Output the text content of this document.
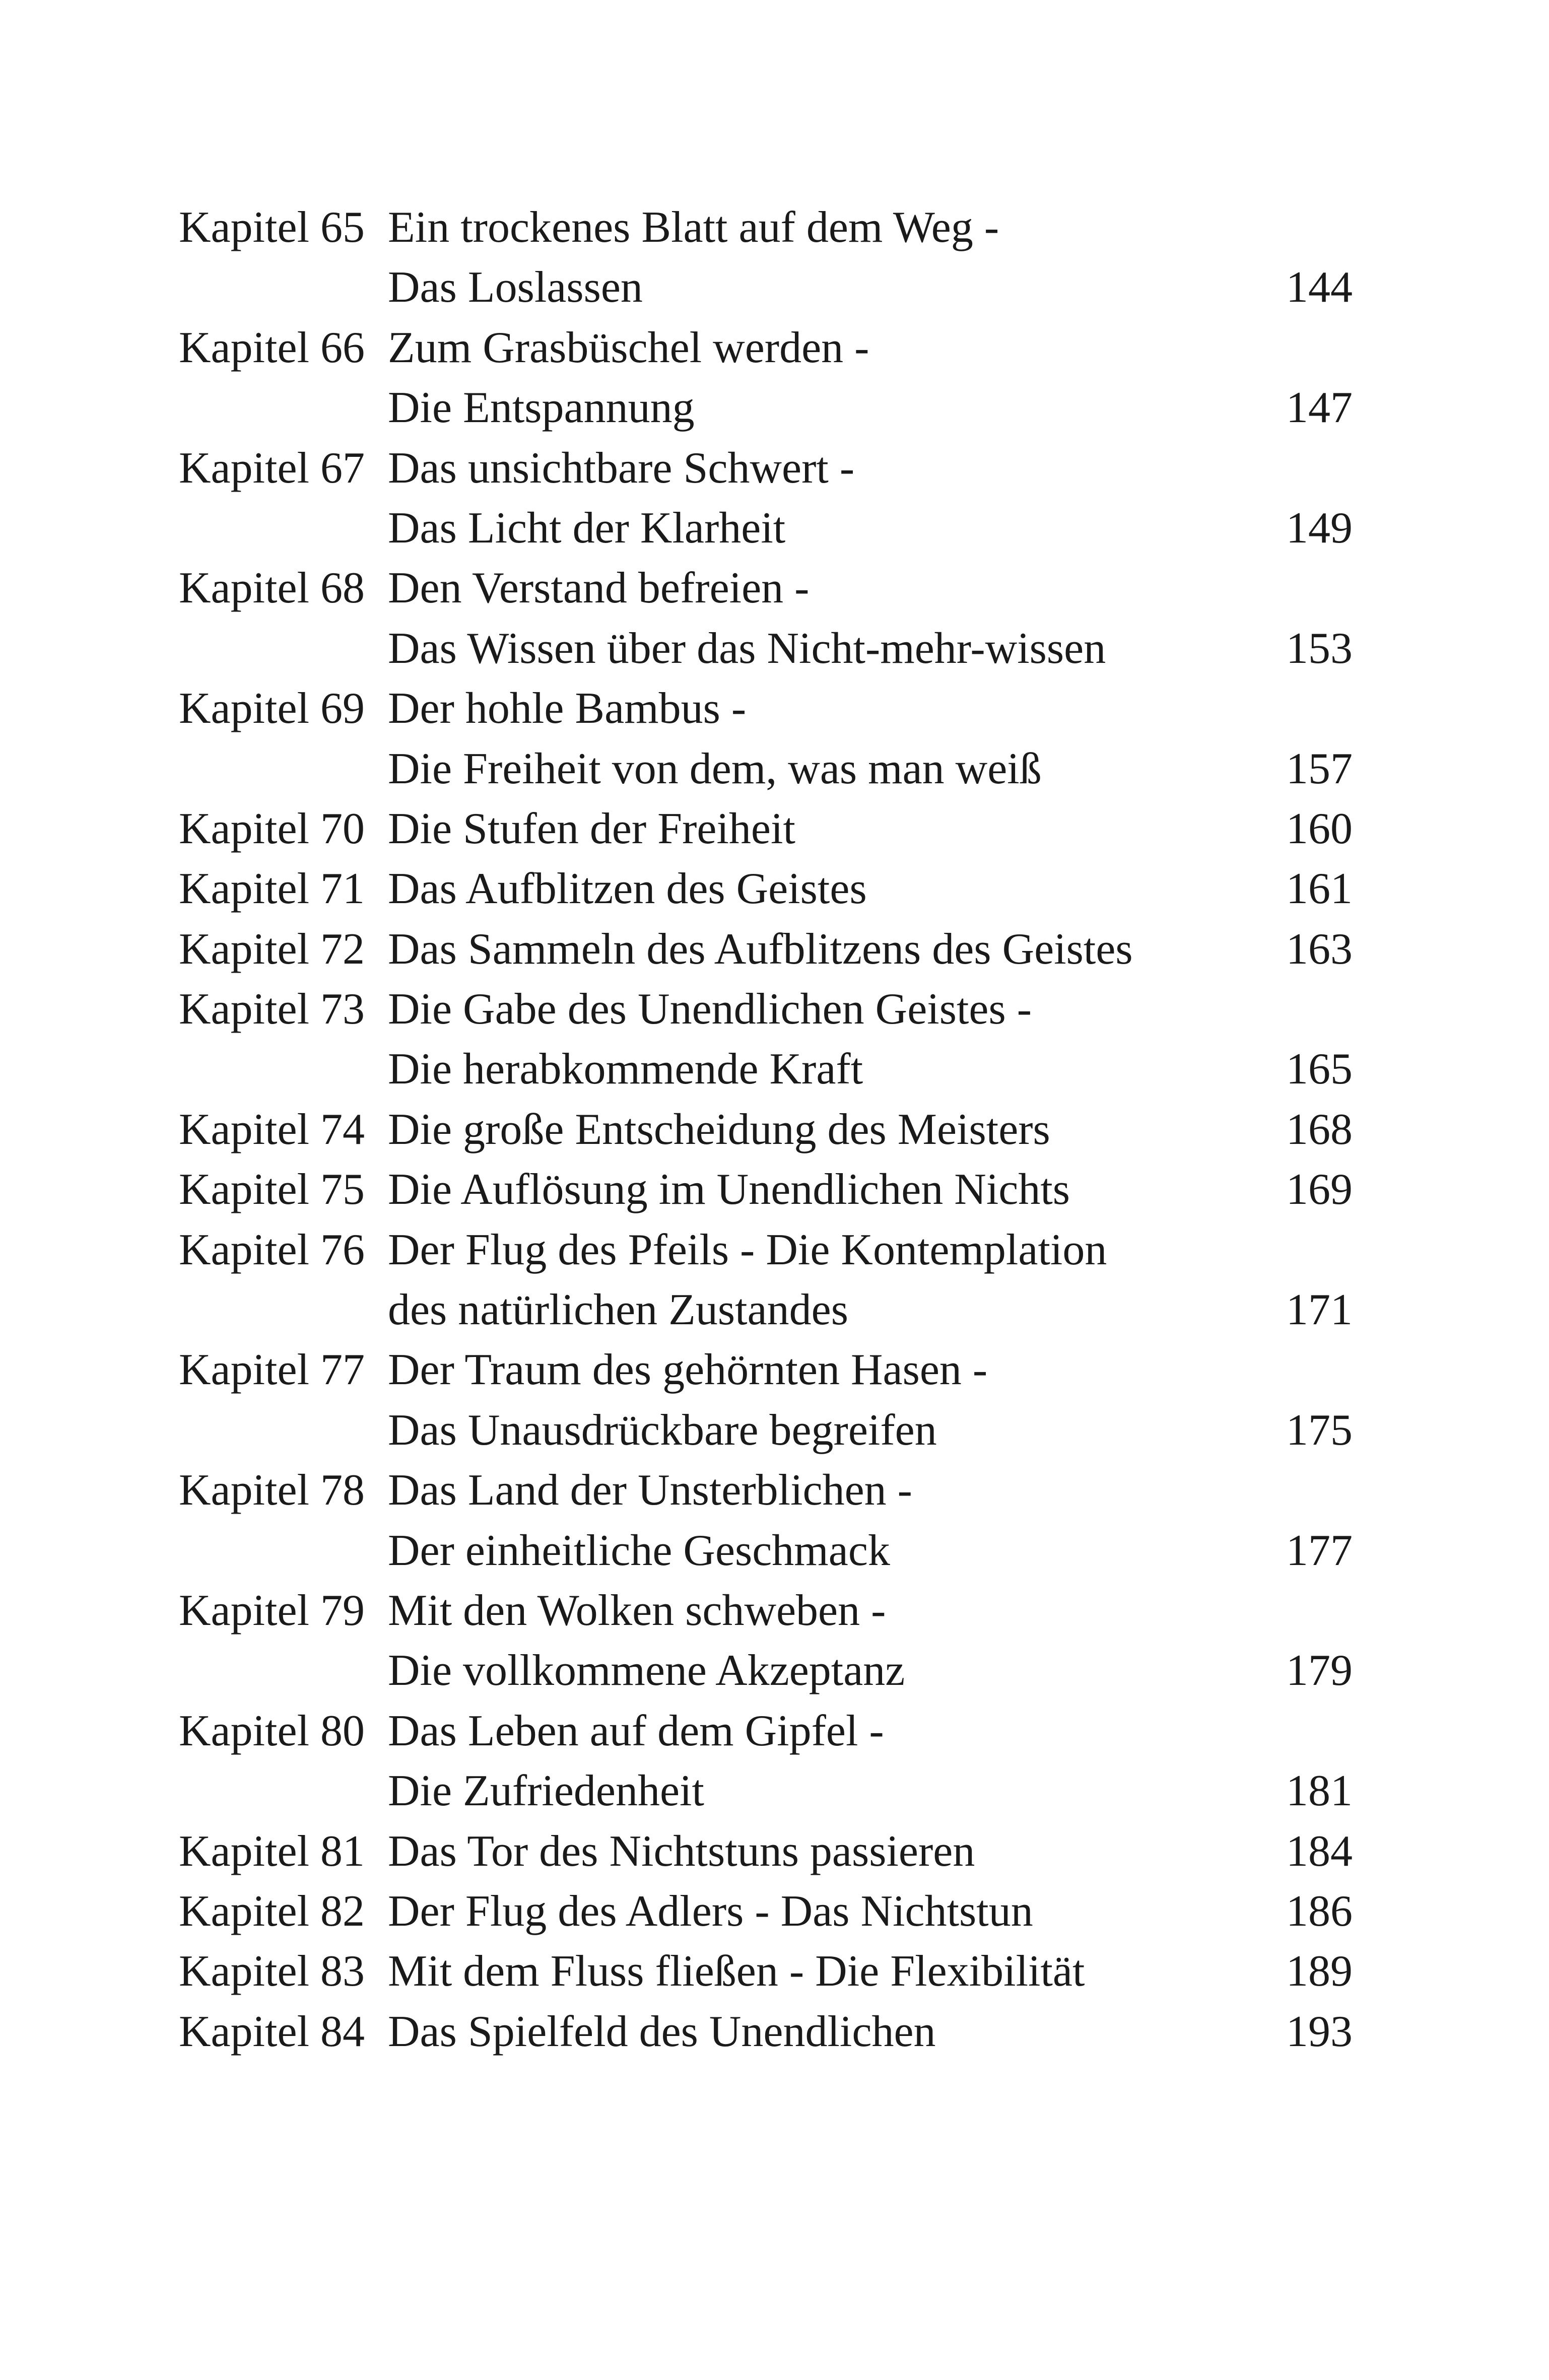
Kapitel 65 Ein trockenes Blatt auf dem Weg -
Das Loslassen	144
Kapitel 66 Zum Grasbüschel werden -
Die Entspannung	147
Kapitel 67 Das unsichtbare Schwert -
Das Licht der Klarheit	149
Kapitel 68 Den Verstand befreien -
Das Wissen über das Nicht-mehr-wissen	153
Kapitel 69 Der hohle Bambus -
Die Freiheit von dem, was man weiß	157
Kapitel 70 Die Stufen der Freiheit	160
Kapitel 71 Das Aufblitzen des Geistes	161
Kapitel 72 Das Sammeln des Aufblitzens des Geistes	163
Kapitel 73 Die Gabe des Unendlichen Geistes -
Die herabkommende Kraft	165
Kapitel 74 Die große Entscheidung des Meisters	168
Kapitel 75 Die Auflösung im Unendlichen Nichts	169
Kapitel 76 Der Flug des Pfeils - Die Kontemplation
des natürlichen Zustandes	171
Kapitel 77 Der Traum des gehörnten Hasen -
Das Unausdrückbare begreifen	175
Kapitel 78 Das Land der Unsterblichen -
Der einheitliche Geschmack	177
Kapitel 79 Mit den Wolken schweben -
Die vollkommene Akzeptanz	179
Kapitel 80 Das Leben auf dem Gipfel -
Die Zufriedenheit	181
Kapitel 81 Das Tor des Nichtstuns passieren	184
Kapitel 82 Der Flug des Adlers - Das Nichtstun	186
Kapitel 83 Mit dem Fluss fließen - Die Flexibilität	189
Kapitel 84 Das Spielfeld des Unendlichen	193
